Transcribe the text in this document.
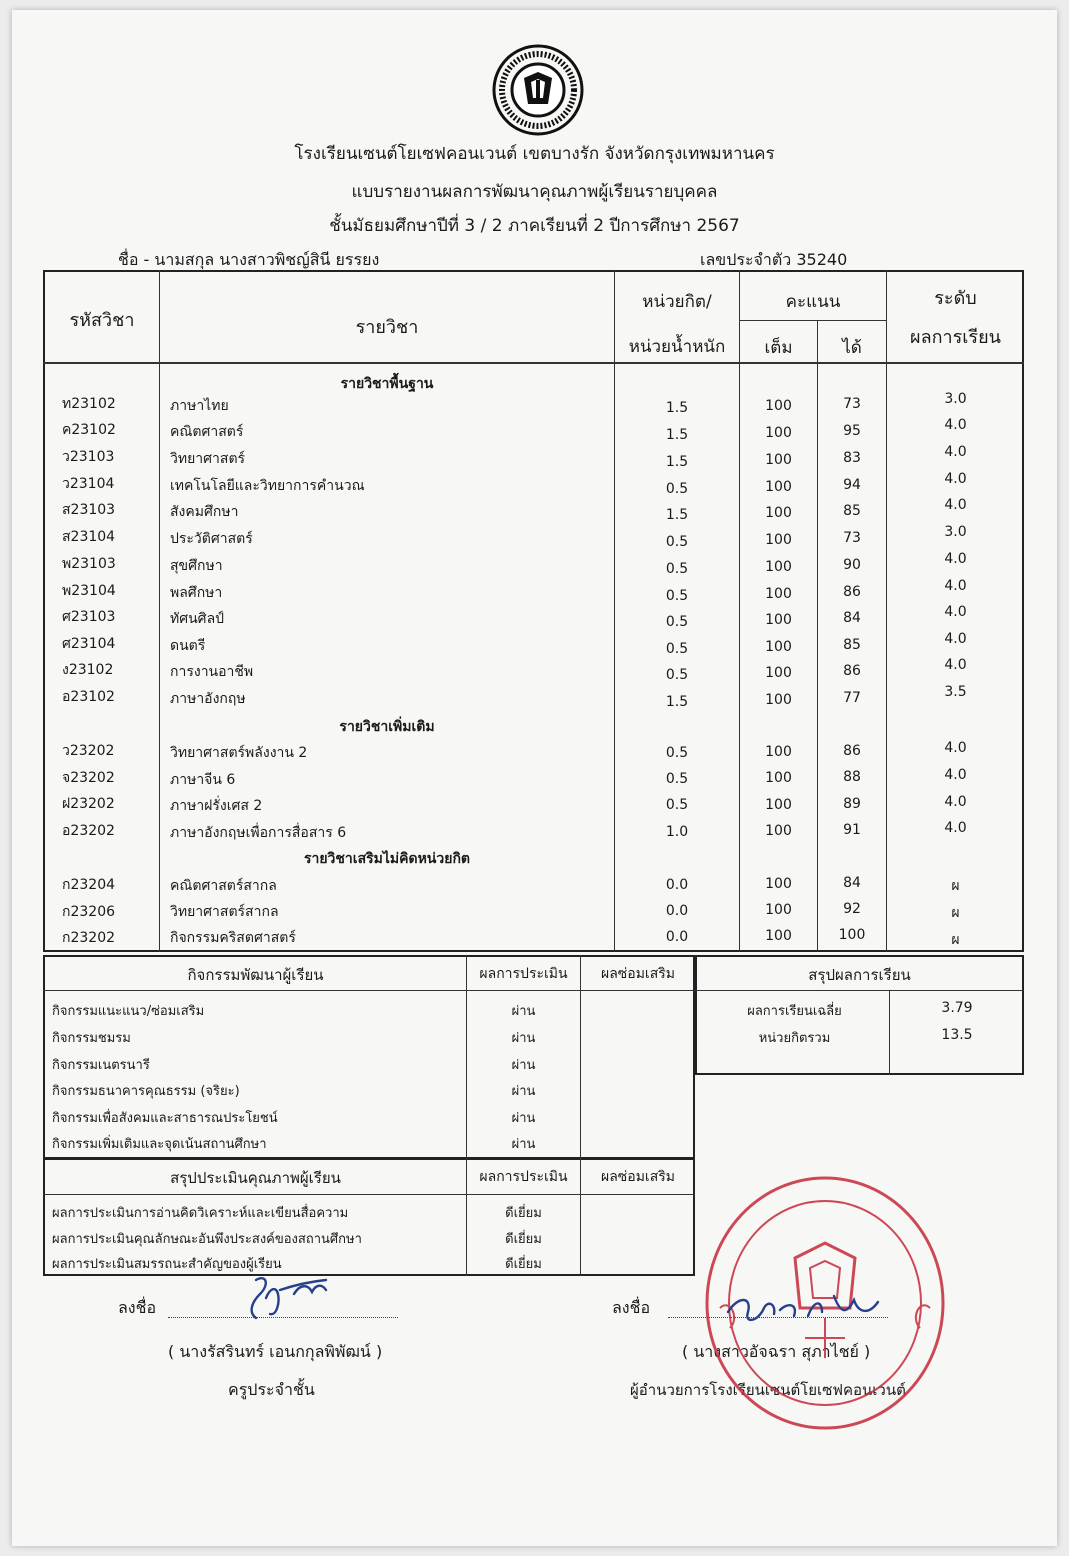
โรงเรียนเซนต์โยเซฟคอนเวนต์ เขตบางรัก จังหวัดกรุงเทพมหานคร
แบบรายงานผลการพัฒนาคุณภาพผู้เรียนรายบุคคล
ชั้นมัธยมศึกษาปีที่ 3 / 2 ภาคเรียนที่ 2 ปีการศึกษา 2567
ชื่อ - นามสกุล นางสาวพิชญ์สินี ยรรยง	เลขประจำตัว 35240
รหัสวิชา	รายวิชา
หน่วยกิต/
หน่วยน้ำหนัก
คะแนน
เต็ม	ได้
ระดับ
ผลการเรียน
รายวิชาพื้นฐาน
ท23102	ภาษาไทย	1.5	100	73	3.0
ค23102	คณิตศาสตร์	1.5	100	95	4.0
ว23103	วิทยาศาสตร์	1.5	100	83	4.0
ว23104	เทคโนโลยีและวิทยาการคำนวณ	0.5	100	94	4.0
ส23103	สังคมศึกษา	1.5	100	85	4.0
ส23104	ประวัติศาสตร์	0.5	100	73	3.0
พ23103	สุขศึกษา	0.5	100	90	4.0
พ23104	พลศึกษา	0.5	100	86	4.0
ศ23103	ทัศนศิลป์	0.5	100	84	4.0
ศ23104	ดนตรี	0.5	100	85	4.0
ง23102	การงานอาชีพ	0.5	100	86	4.0
อ23102	ภาษาอังกฤษ	1.5	100	77	3.5
รายวิชาเพิ่มเติม
ว23202	วิทยาศาสตร์พลังงาน 2	0.5	100	86	4.0
จ23202	ภาษาจีน 6	0.5	100	88	4.0
ฝ23202	ภาษาฝรั่งเศส 2	0.5	100	89	4.0
อ23202	ภาษาอังกฤษเพื่อการสื่อสาร 6	1.0	100	91	4.0
รายวิชาเสริมไม่คิดหน่วยกิต
ก23204	คณิตศาสตร์สากล	0.0	100	84	ผ
ก23206	วิทยาศาสตร์สากล	0.0	100	92	ผ
ก23202	กิจกรรมคริสตศาสตร์	0.0	100	100	ผ
กิจกรรมพัฒนาผู้เรียน	ผลการประเมิน	ผลซ่อมเสริม
กิจกรรมแนะแนว/ซ่อมเสริม	ผ่าน
กิจกรรมชมรม	ผ่าน
กิจกรรมเนตรนารี	ผ่าน
กิจกรรมธนาคารคุณธรรม (จริยะ)	ผ่าน
กิจกรรมเพื่อสังคมและสาธารณประโยชน์	ผ่าน
กิจกรรมเพิ่มเติมและจุดเน้นสถานศึกษา	ผ่าน
สรุปผลการเรียน
ผลการเรียนเฉลี่ย	3.79
หน่วยกิตรวม	13.5
สรุปประเมินคุณภาพผู้เรียน	ผลการประเมิน	ผลซ่อมเสริม
ผลการประเมินการอ่านคิดวิเคราะห์และเขียนสื่อความ	ดีเยี่ยม
ผลการประเมินคุณลักษณะอันพึงประสงค์ของสถานศึกษา	ดีเยี่ยม
ผลการประเมินสมรรถนะสำคัญของผู้เรียน	ดีเยี่ยม
ลงชื่อ
( นางรัสรินทร์ เอนกกุลพิพัฒน์ )
ครูประจำชั้น
ลงชื่อ
( นางสาวอัจฉรา สุภาไชย์ )
ผู้อำนวยการโรงเรียนเซนต์โยเซฟคอนเวนต์
